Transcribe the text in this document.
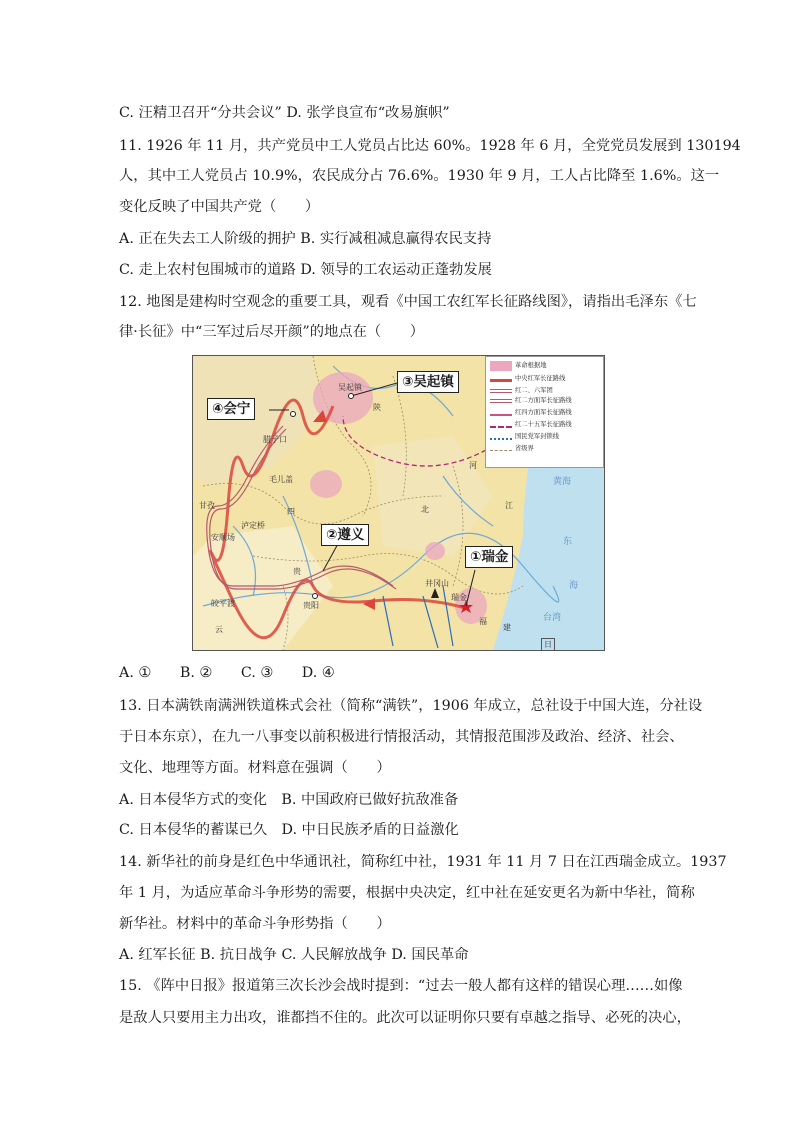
C. 汪精卫召开“分共会议” D. 张学良宣布“改易旗帜”
11. 1926 年 11 月，共产党员中工人党员占比达 60%。1928 年 6 月，全党党员发展到 130194
人，其中工人党员占 10.9%，农民成分占 76.6%。1930 年 9 月，工人占比降至 1.6%。这一
变化反映了中国共产党（　　）
A. 正在失去工人阶级的拥护 B. 实行减租减息赢得农民支持
C. 走上农村包围城市的道路 D. 领导的工农运动正蓬勃发展
12. 地图是建构时空观念的重要工具，观看《中国工农红军长征路线图》，请指出毛泽东《七
律·长征》中“三军过后尽开颜”的地点在（　　）
④会宁
③吴起镇
②遵义
①瑞金
吴起镇
腊子口
毛儿盖
甘孜
泸定桥
安顺场
皎平渡	贵阳
井冈山
瑞金
陕
四	北
河
江
建
福
云
贵
黄海
东
海
台湾
日
革命根据地
中央红军长征路线
红二、六军团
红二方面军长征路线
红四方面军长征路线
红二十五军长征路线
国民党军封锁线
省级界
A. ①　　B. ②　　C. ③　　D. ④
13. 日本满铁南满洲铁道株式会社（简称“满铁”，1906 年成立，总社设于中国大连，分社设
于日本东京），在九一八事变以前积极进行情报活动，其情报范围涉及政治、经济、社会、
文化、地理等方面。材料意在强调（　　）
A. 日本侵华方式的变化　B. 中国政府已做好抗敌准备
C. 日本侵华的蓄谋已久　D. 中日民族矛盾的日益激化
14. 新华社的前身是红色中华通讯社，简称红中社，1931 年 11 月 7 日在江西瑞金成立。1937
年 1 月，为适应革命斗争形势的需要，根据中央决定，红中社在延安更名为新中华社，简称
新华社。材料中的革命斗争形势指（　　）
A. 红军长征 B. 抗日战争 C. 人民解放战争 D. 国民革命
15. 《阵中日报》报道第三次长沙会战时提到：“过去一般人都有这样的错误心理……如像
是敌人只要用主力出攻，谁都挡不住的。此次可以证明你只要有卓越之指导、必死的决心，
